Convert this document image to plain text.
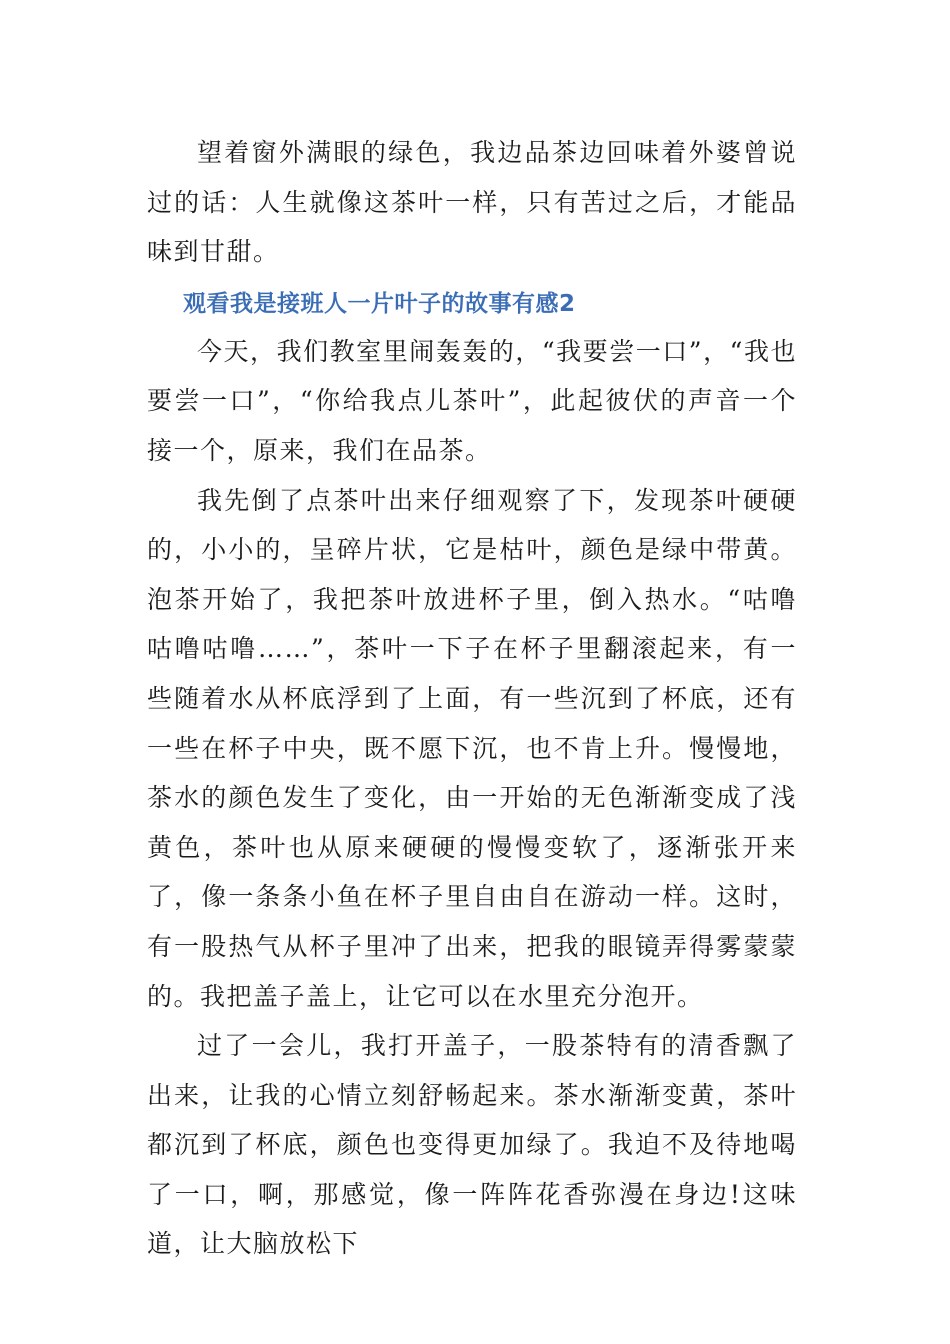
望着窗外满眼的绿色，我边品茶边回味着外婆曾说过的话：人生就像这茶叶一样，只有苦过之后，才能品味到甘甜。

观看我是接班人一片叶子的故事有感2

今天，我们教室里闹轰轰的，“我要尝一口”，“我也要尝一口”，“你给我点儿茶叶”，此起彼伏的声音一个接一个，原来，我们在品茶。

我先倒了点茶叶出来仔细观察了下，发现茶叶硬硬的，小小的，呈碎片状，它是枯叶，颜色是绿中带黄。泡茶开始了，我把茶叶放进杯子里，倒入热水。“咕噜咕噜咕噜……”，茶叶一下子在杯子里翻滚起来，有一些随着水从杯底浮到了上面，有一些沉到了杯底，还有一些在杯子中央，既不愿下沉，也不肯上升。慢慢地，茶水的颜色发生了变化，由一开始的无色渐渐变成了浅黄色，茶叶也从原来硬硬的慢慢变软了，逐渐张开来了，像一条条小鱼在杯子里自由自在游动一样。这时，有一股热气从杯子里冲了出来，把我的眼镜弄得雾蒙蒙的。我把盖子盖上，让它可以在水里充分泡开。

过了一会儿，我打开盖子，一股茶特有的清香飘了出来，让我的心情立刻舒畅起来。茶水渐渐变黄，茶叶都沉到了杯底，颜色也变得更加绿了。我迫不及待地喝了一口，啊，那感觉，像一阵阵花香弥漫在身边!这味道，让大脑放松下
